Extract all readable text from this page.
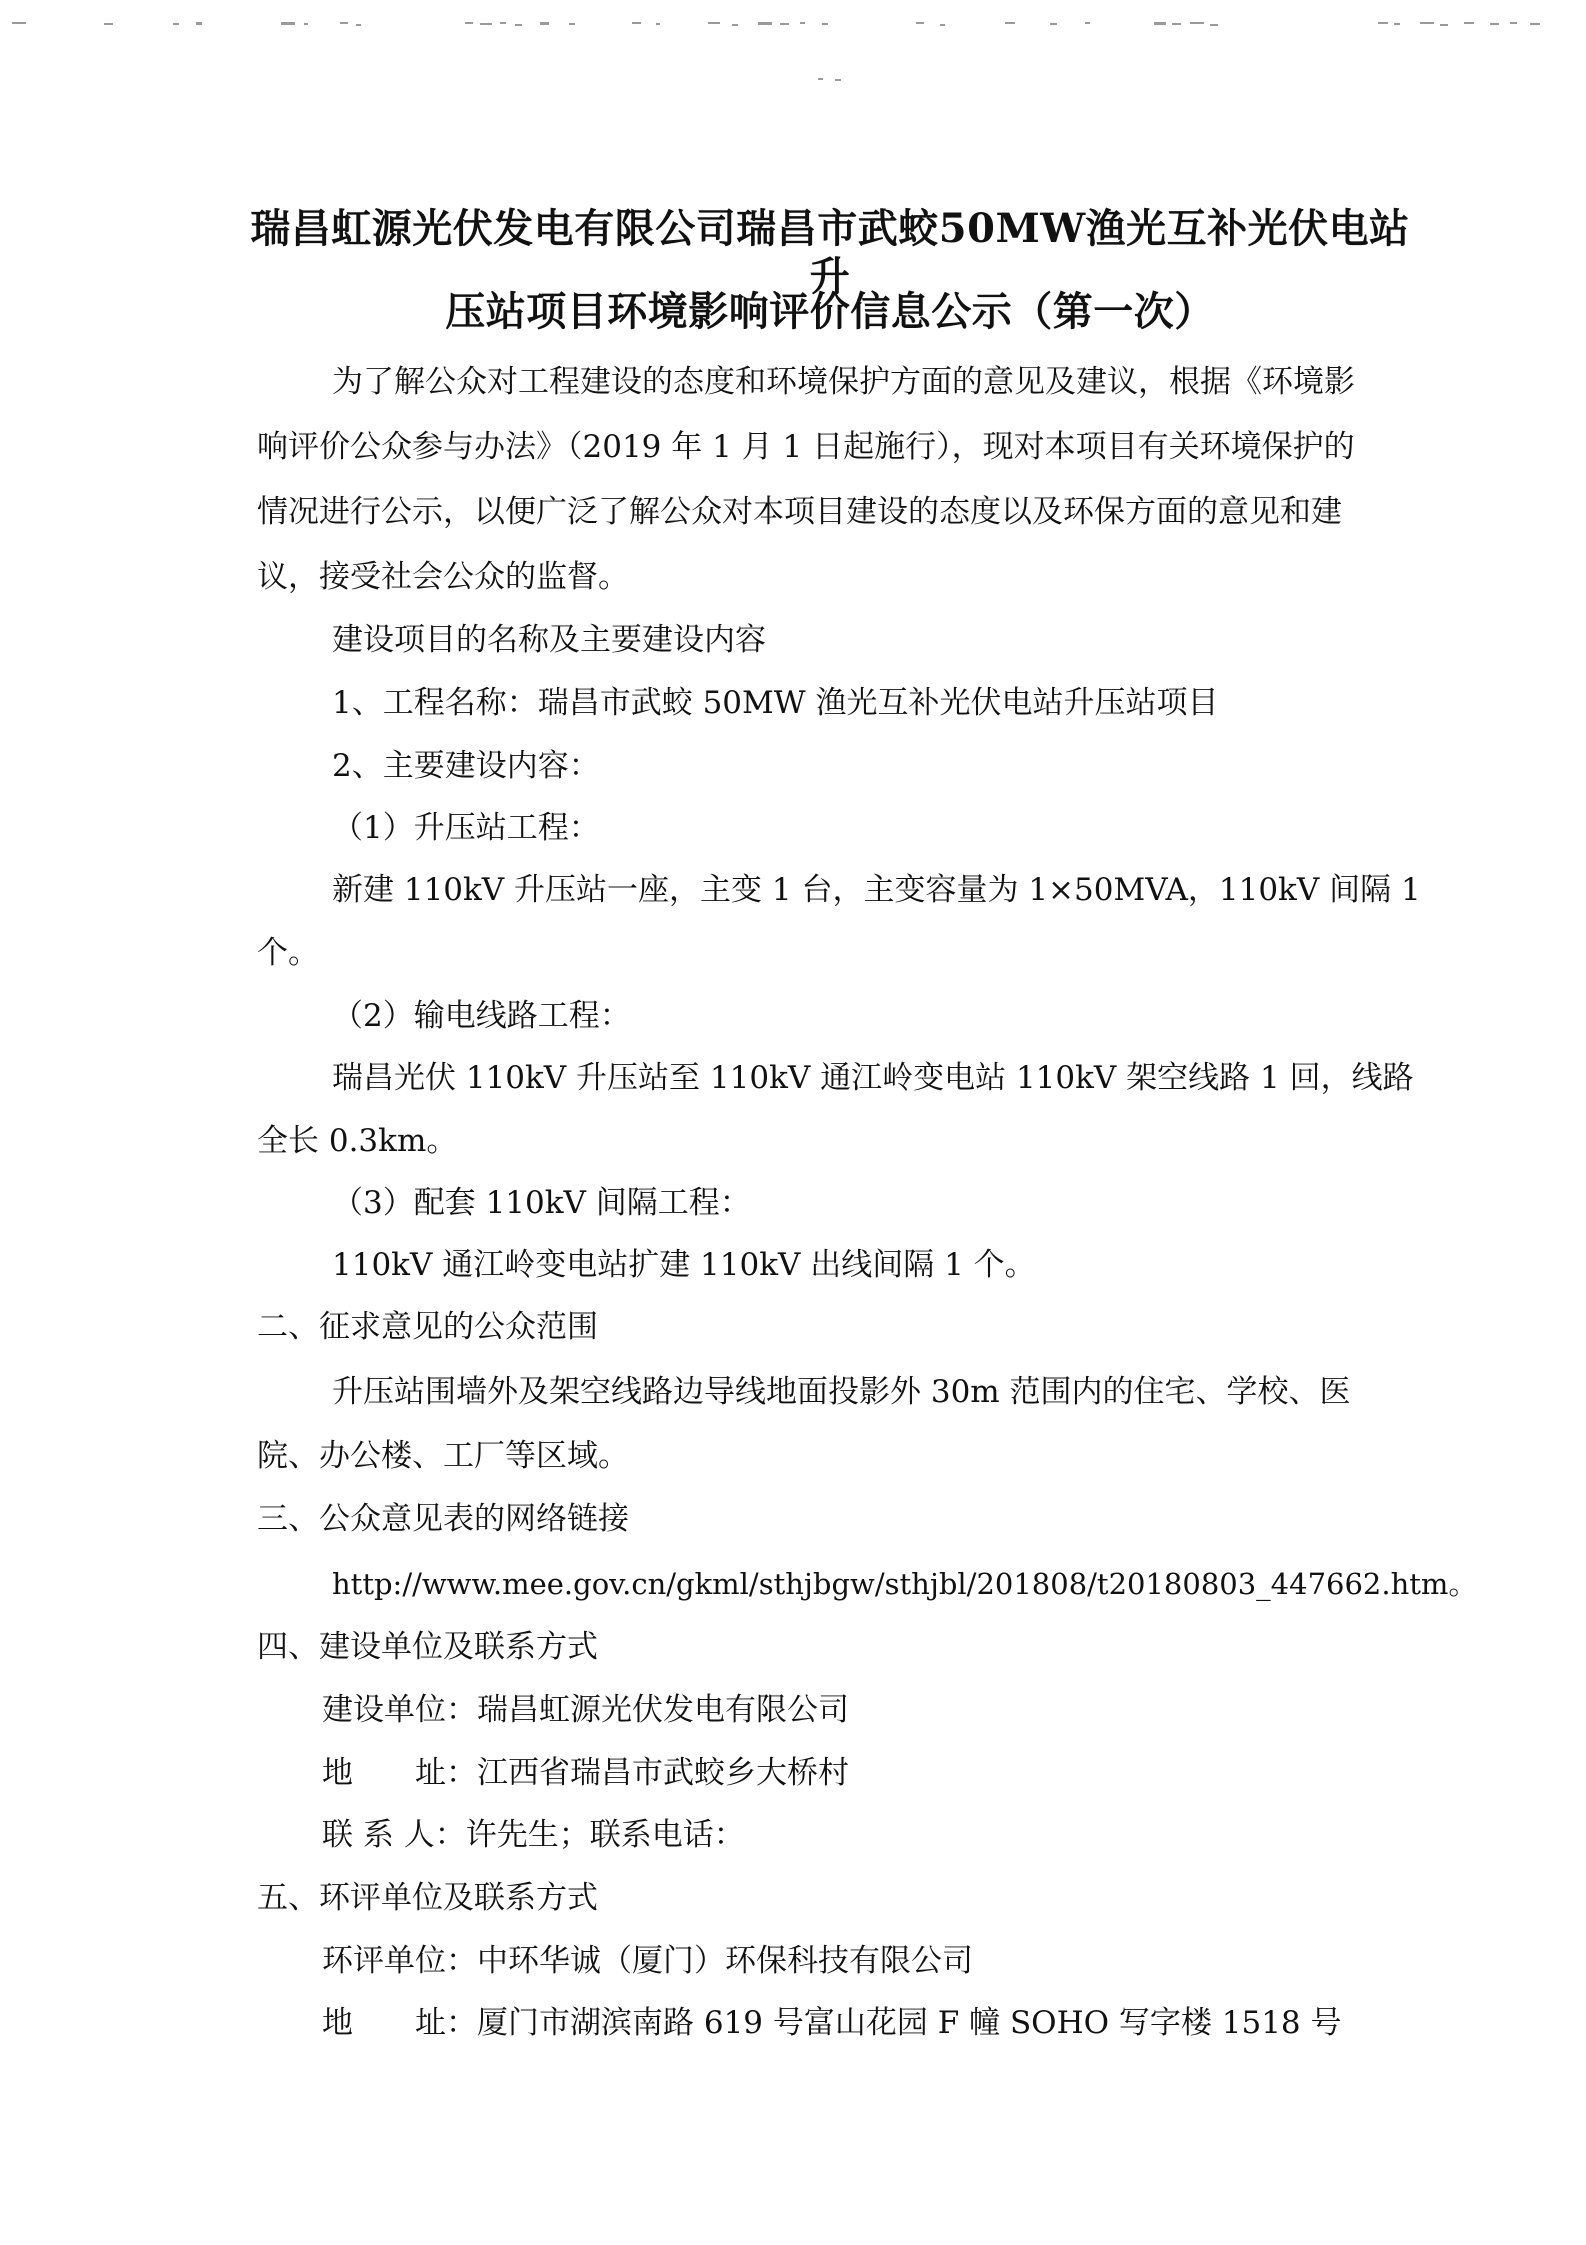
瑞昌虹源光伏发电有限公司瑞昌市武蛟50MW渔光互补光伏电站升
压站项目环境影响评价信息公示（第一次）
为了解公众对工程建设的态度和环境保护方面的意见及建议，根据《环境影
响评价公众参与办法》（2019 年 1 月 1 日起施行），现对本项目有关环境保护的
情况进行公示，以便广泛了解公众对本项目建设的态度以及环保方面的意见和建
议，接受社会公众的监督。
建设项目的名称及主要建设内容
1、工程名称：瑞昌市武蛟 50MW 渔光互补光伏电站升压站项目
2、主要建设内容：
（1）升压站工程：
新建 110kV 升压站一座，主变 1 台，主变容量为 1×50MVA，110kV 间隔 1
个。
（2）输电线路工程：
瑞昌光伏 110kV 升压站至 110kV 通江岭变电站 110kV 架空线路 1 回，线路
全长 0.3km。
（3）配套 110kV 间隔工程：
110kV 通江岭变电站扩建 110kV 出线间隔 1 个。
二、征求意见的公众范围
升压站围墙外及架空线路边导线地面投影外 30m 范围内的住宅、学校、医
院、办公楼、工厂等区域。
三、公众意见表的网络链接
http://www.mee.gov.cn/gkml/sthjbgw/sthjbl/201808/t20180803_447662.htm。
四、建设单位及联系方式
建设单位：瑞昌虹源光伏发电有限公司
地　　址：江西省瑞昌市武蛟乡大桥村
联 系 人：许先生；联系电话：
五、环评单位及联系方式
环评单位：中环华诚（厦门）环保科技有限公司
地　　址：厦门市湖滨南路 619 号富山花园 F 幢 SOHO 写字楼 1518 号
